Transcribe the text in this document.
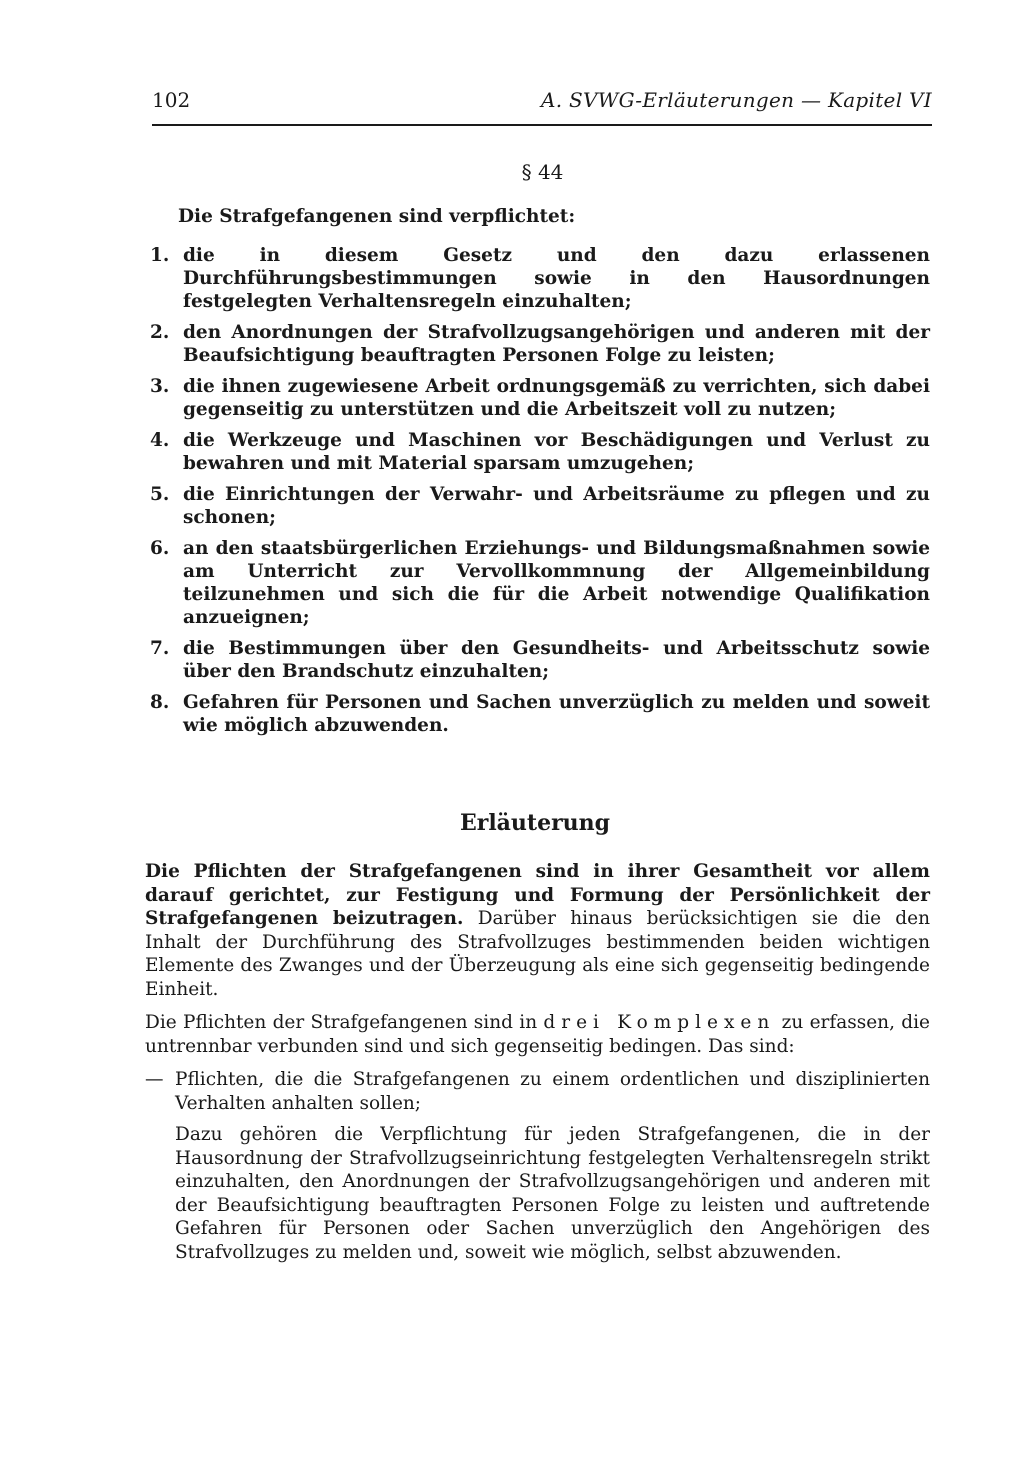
102	A. SVWG-Erläuterungen — Kapitel VI
§ 44
Die Strafgefangenen sind verpflichtet:
1. die in diesem Gesetz und den dazu erlassenen Durchführungsbestimmungen sowie in den Hausordnungen festgelegten Verhaltensregeln einzuhalten;
2. den Anordnungen der Strafvollzugsangehörigen und anderen mit der Beaufsichtigung beauftragten Personen Folge zu leisten;
3. die ihnen zugewiesene Arbeit ordnungsgemäß zu verrichten, sich dabei gegenseitig zu unterstützen und die Arbeitszeit voll zu nutzen;
4. die Werkzeuge und Maschinen vor Beschädigungen und Verlust zu bewahren und mit Material sparsam umzugehen;
5. die Einrichtungen der Verwahr- und Arbeitsräume zu pflegen und zu schonen;
6. an den staatsbürgerlichen Erziehungs- und Bildungsmaßnahmen sowie am Unterricht zur Vervollkommnung der Allgemeinbildung teilzunehmen und sich die für die Arbeit notwendige Qualifikation anzueignen;
7. die Bestimmungen über den Gesundheits- und Arbeitsschutz sowie über den Brandschutz einzuhalten;
8. Gefahren für Personen und Sachen unverzüglich zu melden und soweit wie möglich abzuwenden.
Erläuterung

Die Pflichten der Strafgefangenen sind in ihrer Gesamtheit vor allem darauf gerichtet, zur Festigung und Formung der Persönlichkeit der Strafgefangenen beizutragen. Darüber hinaus berücksichtigen sie die den Inhalt der Durchführung des Strafvollzuges bestimmenden beiden wichtigen Elemente des Zwanges und der Überzeugung als eine sich gegenseitig bedingende Einheit.

Die Pflichten der Strafgefangenen sind in drei Komplexen zu erfassen, die untrennbar verbunden sind und sich gegenseitig bedingen. Das sind:

— Pflichten, die die Strafgefangenen zu einem ordentlichen und disziplinierten Verhalten anhalten sollen;

Dazu gehören die Verpflichtung für jeden Strafgefangenen, die in der Hausordnung der Strafvollzugseinrichtung festgelegten Verhaltensregeln strikt einzuhalten, den Anordnungen der Strafvollzugsangehörigen und anderen mit der Beaufsichtigung beauftragten Personen Folge zu leisten und auftretende Gefahren für Personen oder Sachen unverzüglich den Angehörigen des Strafvollzuges zu melden und, soweit wie möglich, selbst abzuwenden.
